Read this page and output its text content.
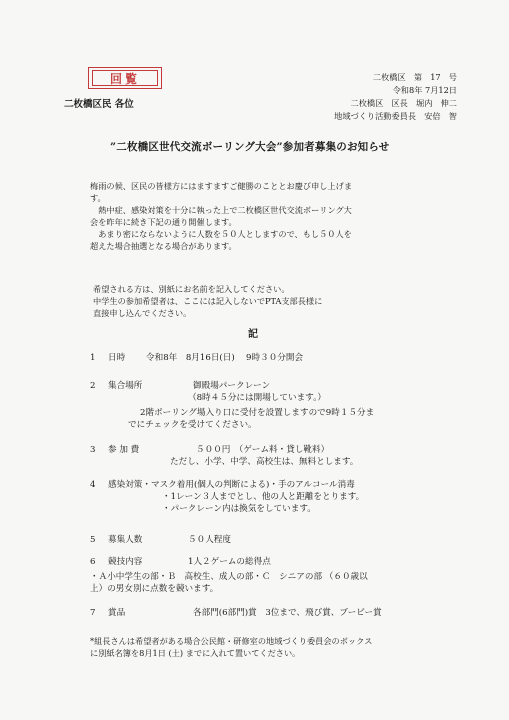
回覧	二枚橋区　第　17　号
令和8年 7月12日
二枚橋区　区長　堀内　伸二
地域づくり活動委員長　安倍　智
二枚橋区民 各位
”二枚橋区世代交流ボーリング大会”参加者募集のお知らせ
梅雨の候、区民の皆様方にはますますご健勝のこととお慶び申し上げま
す。
　熱中症、感染対策を十分に執った上で二枚橋区世代交流ボーリング大
会を昨年に続き下記の通り開催します。
　あまり密にならないように人数を５０人としますので、もし５０人を
超えた場合抽選となる場合があります。
希望される方は、別紙にお名前を記入してください。
中学生の参加希望者は、ここには記入しないでPTA支部長様に
直接申し込んでください。
記
1 日時 令和8年　8月16日(日)　 9時３０分開会
2 集合場所	御殿場パークレーン
（8時４５分には開場しています。）
2階ボーリング場入り口に受付を設置しますので9時１５分ま
でにチェックを受けてください。
3 参 加 費	５００円　（ゲーム料・貸し靴料）
ただし、小学、中学、高校生は、無料とします。
4 感染対策・マスク着用(個人の判断による)・手のアルコール消毒
・1レーン３人までとし、他の人と距離をとります。
・パークレーン内は換気をしています。
5 募集人数	５０人程度
6 競技内容	1人２ゲームの総得点
・Ａ小中学生の部・Ｂ　高校生、成人の部・Ｃ　シニアの部 （６０歳以
上）の男女別に点数を競います。
7 賞品	各部門(6部門)賞　3位まで、飛び賞、ブービー賞
*組長さんは希望者がある場合公民館・研修室の地域づくり委員会のボックス
に別紙名簿を8月1日 (土) までに入れて置いてください。
